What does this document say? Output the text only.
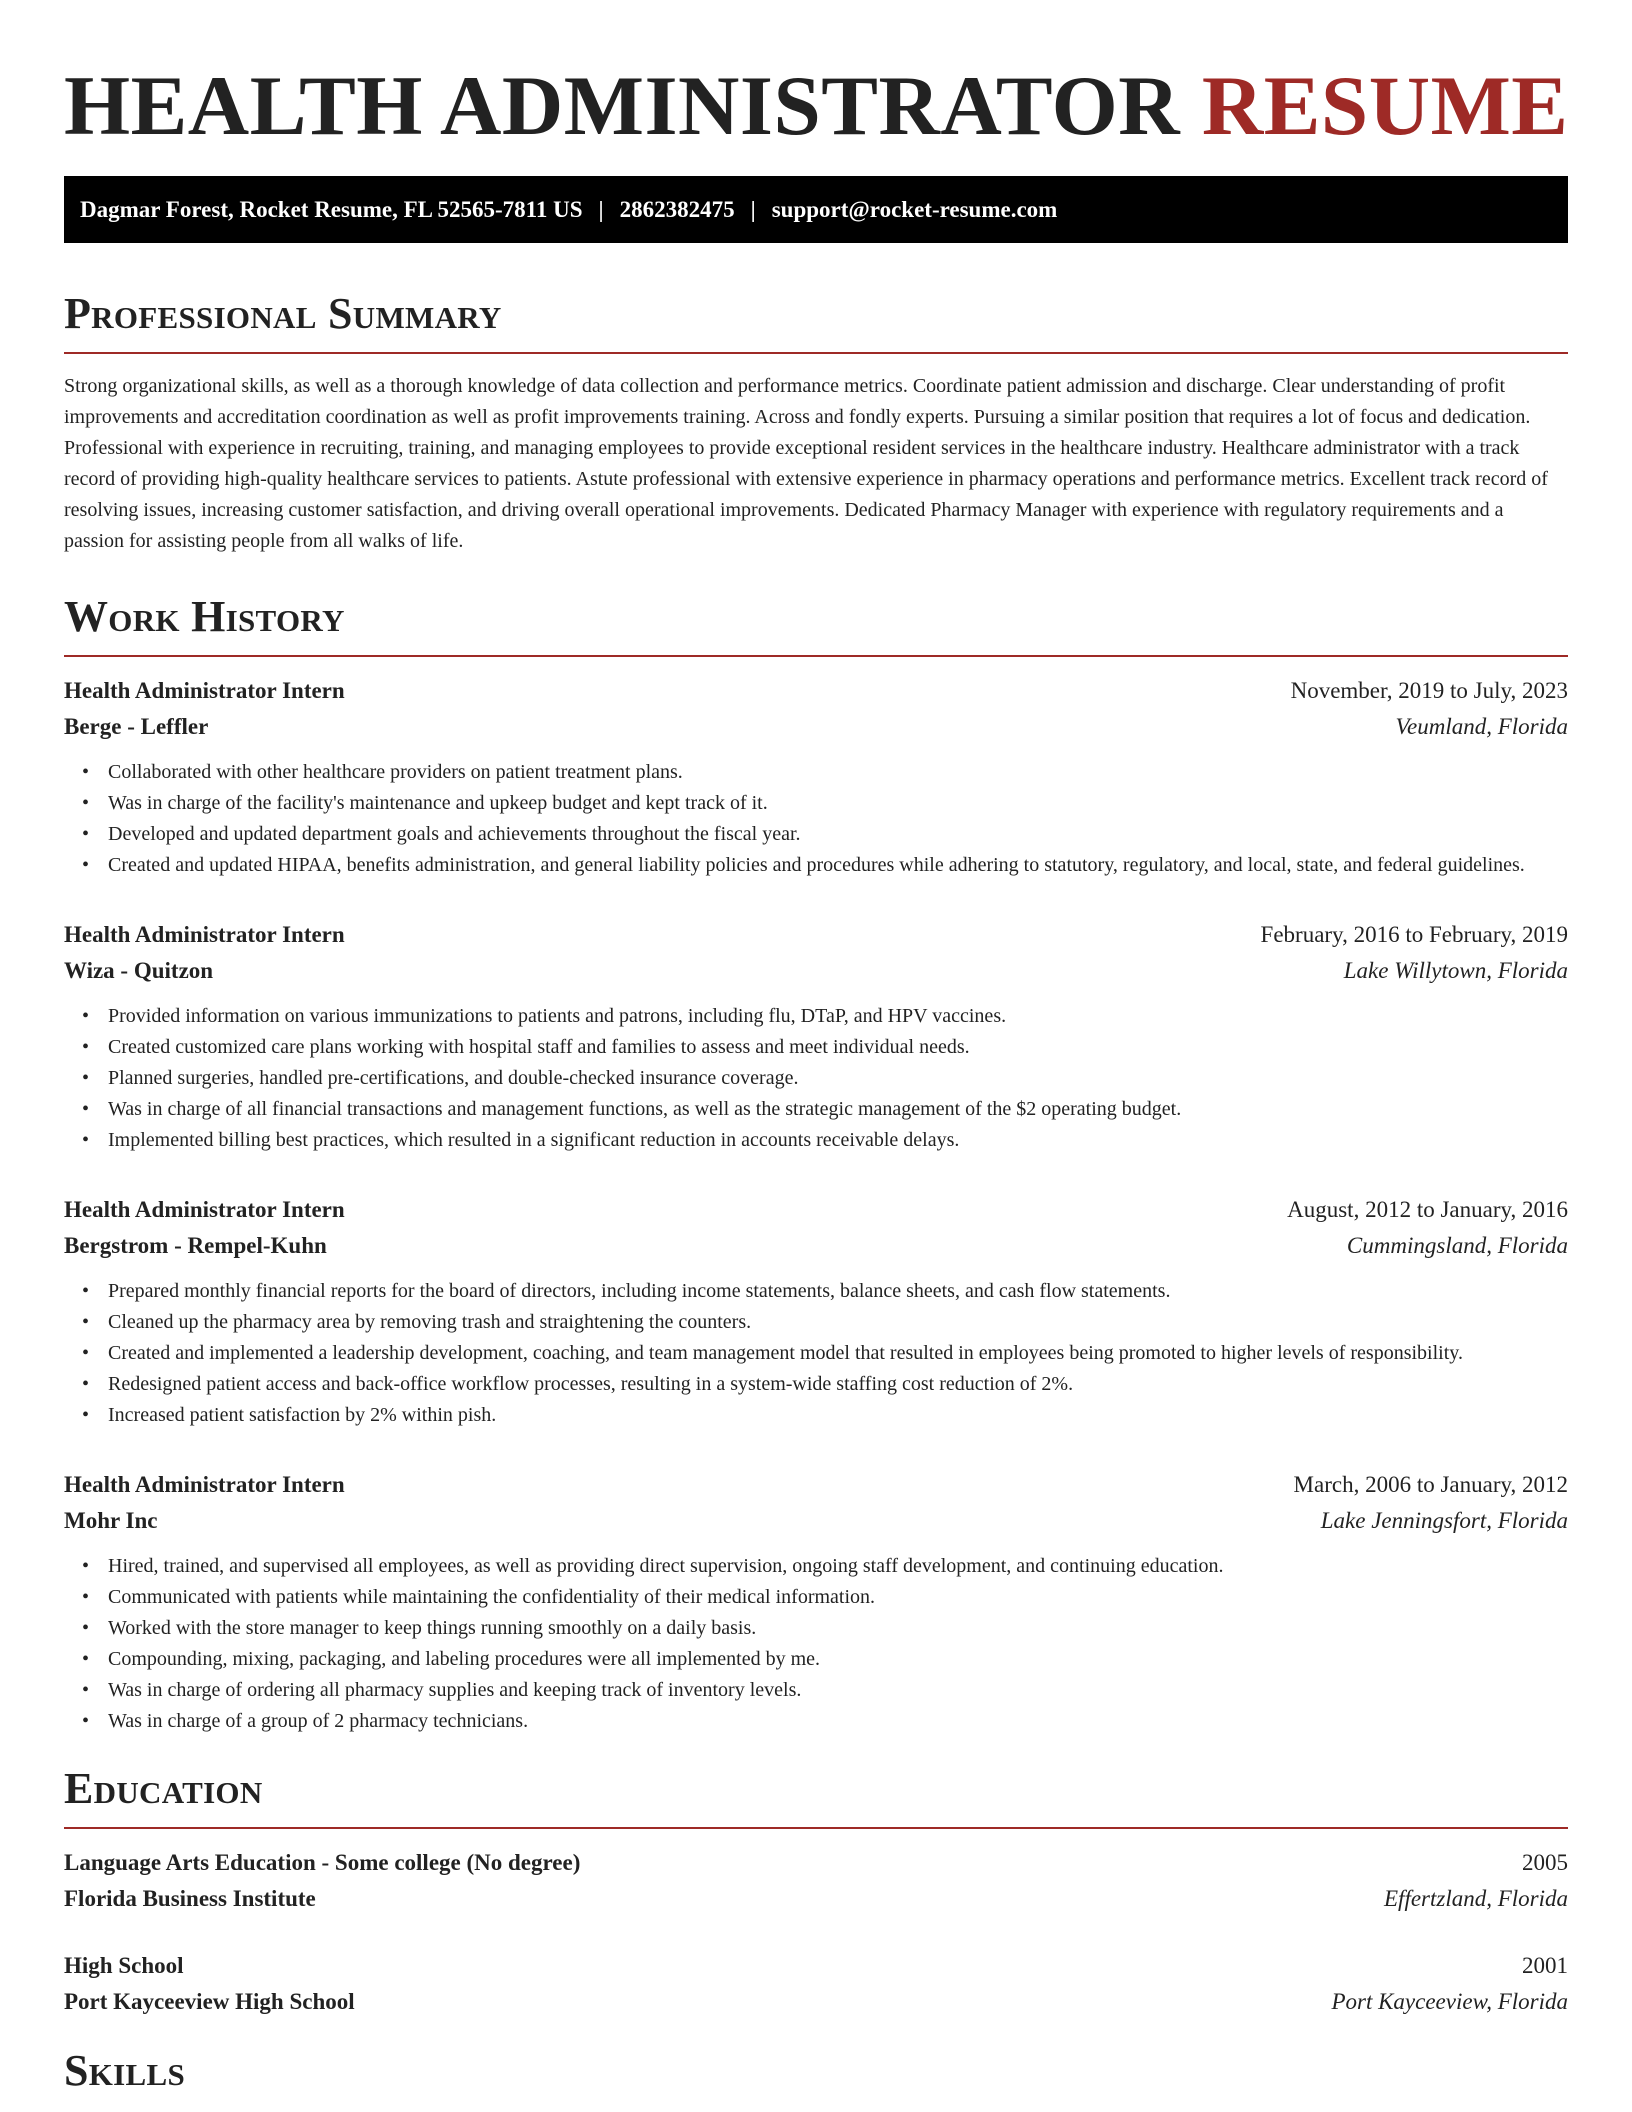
HEALTH ADMINISTRATOR RESUME
Dagmar Forest, Rocket Resume, FL 52565-7811 US | 2862382475 | support@rocket-resume.com
Professional Summary

Strong organizational skills, as well as a thorough knowledge of data collection and performance metrics. Coordinate patient admission and discharge. Clear understanding of profit improvements and accreditation coordination as well as profit improvements training. Across and fondly experts. Pursuing a similar position that requires a lot of focus and dedication. Professional with experience in recruiting, training, and managing employees to provide exceptional resident services in the healthcare industry. Healthcare administrator with a track record of providing high-quality healthcare services to patients. Astute professional with extensive experience in pharmacy operations and performance metrics. Excellent track record of resolving issues, increasing customer satisfaction, and driving overall operational improvements. Dedicated Pharmacy Manager with experience with regulatory requirements and a passion for assisting people from all walks of life.

Work History
Health Administrator Intern	November, 2019 to July, 2023
Berge - Leffler	Veumland, Florida
• Collaborated with other healthcare providers on patient treatment plans.
• Was in charge of the facility's maintenance and upkeep budget and kept track of it.
• Developed and updated department goals and achievements throughout the fiscal year.
• Created and updated HIPAA, benefits administration, and general liability policies and procedures while adhering to statutory, regulatory, and local, state, and federal guidelines.
Health Administrator Intern	February, 2016 to February, 2019
Wiza - Quitzon	Lake Willytown, Florida
• Provided information on various immunizations to patients and patrons, including flu, DTaP, and HPV vaccines.
• Created customized care plans working with hospital staff and families to assess and meet individual needs.
• Planned surgeries, handled pre-certifications, and double-checked insurance coverage.
• Was in charge of all financial transactions and management functions, as well as the strategic management of the $2 operating budget.
• Implemented billing best practices, which resulted in a significant reduction in accounts receivable delays.
Health Administrator Intern	August, 2012 to January, 2016
Bergstrom - Rempel-Kuhn	Cummingsland, Florida
• Prepared monthly financial reports for the board of directors, including income statements, balance sheets, and cash flow statements.
• Cleaned up the pharmacy area by removing trash and straightening the counters.
• Created and implemented a leadership development, coaching, and team management model that resulted in employees being promoted to higher levels of responsibility.
• Redesigned patient access and back-office workflow processes, resulting in a system-wide staffing cost reduction of 2%.
• Increased patient satisfaction by 2% within pish.
Health Administrator Intern	March, 2006 to January, 2012
Mohr Inc	Lake Jenningsfort, Florida
• Hired, trained, and supervised all employees, as well as providing direct supervision, ongoing staff development, and continuing education.
• Communicated with patients while maintaining the confidentiality of their medical information.
• Worked with the store manager to keep things running smoothly on a daily basis.
• Compounding, mixing, packaging, and labeling procedures were all implemented by me.
• Was in charge of ordering all pharmacy supplies and keeping track of inventory levels.
• Was in charge of a group of 2 pharmacy technicians.
Education
Language Arts Education - Some college (No degree)	2005
Florida Business Institute	Effertzland, Florida
High School	2001
Port Kayceeview High School	Port Kayceeview, Florida
Skills
